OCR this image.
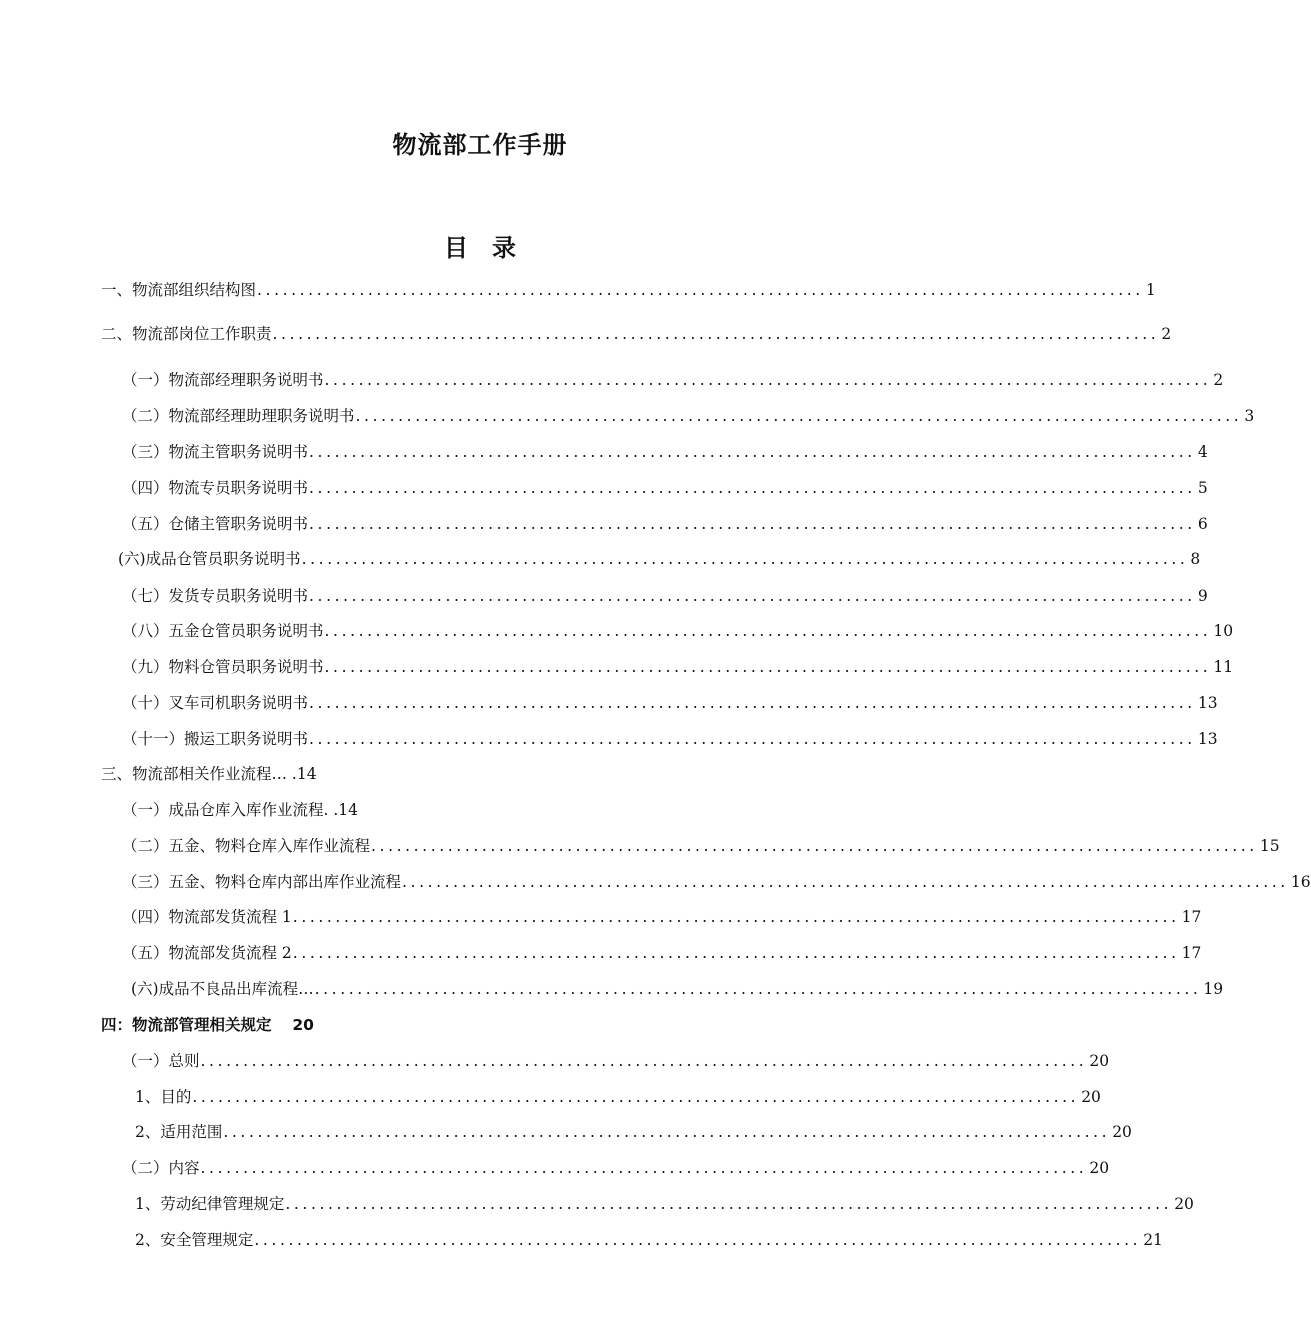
物流部工作手册
目　录
一、物流部组织结构图 ........................................................................................................ 1
二、物流部岗位工作职责 ........................................................................................................ 2
（一）物流部经理职务说明书 ........................................................................................................ 2
（二）物流部经理助理职务说明书 ........................................................................................................ 3
（三）物流主管职务说明书 ........................................................................................................ 4
（四）物流专员职务说明书 ........................................................................................................ 5
（五）仓储主管职务说明书 ........................................................................................................ 6
(六)成品仓管员职务说明书 ........................................................................................................ 8
（七）发货专员职务说明书 ........................................................................................................ 9
（八）五金仓管员职务说明书 ........................................................................................................ 10
（九）物料仓管员职务说明书 ........................................................................................................ 11
（十）叉车司机职务说明书 ........................................................................................................ 13
（十一）搬运工职务说明书 ........................................................................................................ 13
三、物流部相关作业流程… .14
（一）成品仓库入库作业流程. .14
（二）五金、物料仓库入库作业流程 ........................................................................................................ 15
（三）五金、物料仓库内部出库作业流程 ........................................................................................................ 16
（四）物流部发货流程 1 ........................................................................................................ 17
（五）物流部发货流程 2 ........................................................................................................ 17
(六)成品不良品出库流程… ........................................................................................................ 19
四：物流部管理相关规定　 20
（一）总则 ........................................................................................................ 20
1、目的 ........................................................................................................ 20
2、适用范围 ........................................................................................................ 20
（二）内容 ........................................................................................................ 20
1、劳动纪律管理规定 ........................................................................................................ 20
2、安全管理规定 ........................................................................................................ 21
